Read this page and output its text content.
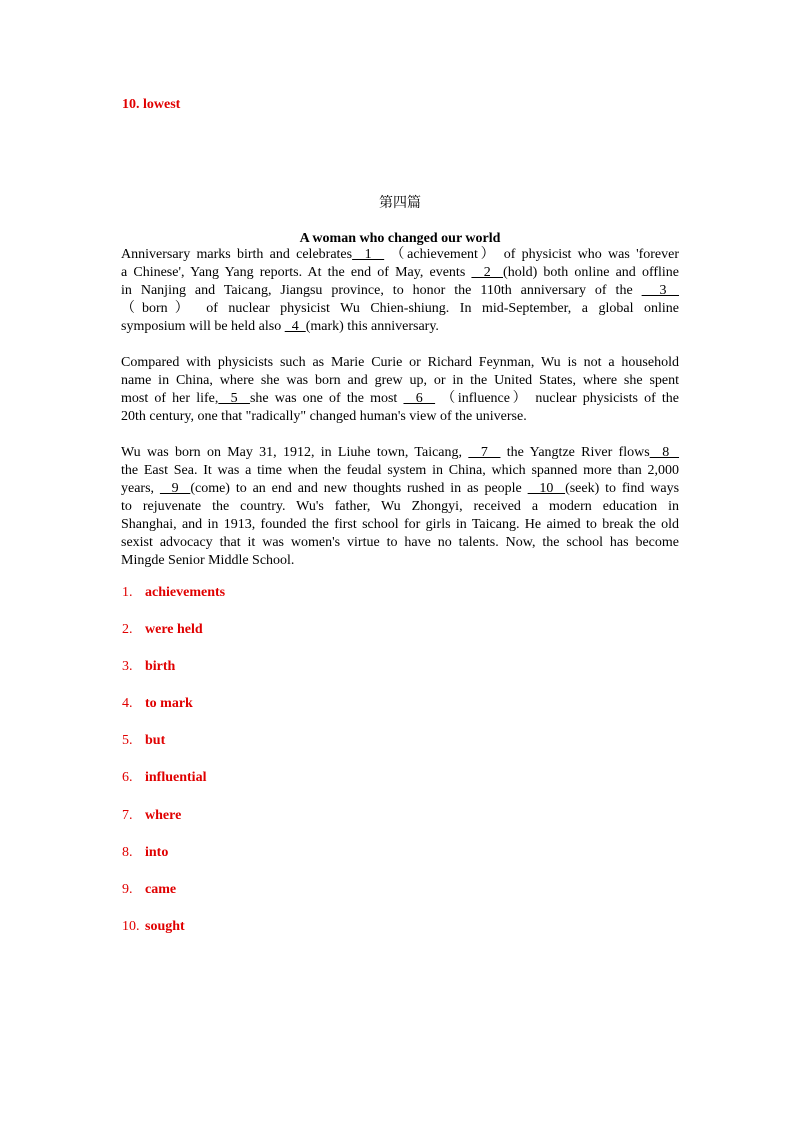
10. lowest
第四篇
A woman who changed our world
Anniversary marks birth and celebrates  1   （achievement） of physicist who was 'forever
a Chinese', Yang Yang reports. At the end of May, events   2  (hold) both online and offline
in Nanjing and Taicang, Jiangsu province, to honor the 110th anniversary of the   3
（born） of nuclear physicist Wu Chien-shiung. In mid-September, a global online
symposium will be held also   4  (mark) this anniversary.
Compared with physicists such as Marie Curie or Richard Feynman, Wu is not a household
name in China, where she was born and grew up, or in the United States, where she spent
most of her life,  5  she was one of the most   6   （influence） nuclear physicists of the
20th century, one that "radically" changed human's view of the universe.
Wu was born on May 31, 1912, in Liuhe town, Taicang,   7   the Yangtze River flows  8
the East Sea. It was a time when the feudal system in China, which spanned more than 2,000
years,   9  (come) to an end and new thoughts rushed in as people   10  (seek) to find ways
to rejuvenate the country. Wu's father, Wu Zhongyi, received a modern education in
Shanghai, and in 1913, founded the first school for girls in Taicang. He aimed to break the old
sexist advocacy that it was women's virtue to have no talents. Now, the school has become
Mingde Senior Middle School.
1. achievements
2. were held
3. birth
4. to mark
5. but
6. influential
7. where
8. into
9. came
10. sought
